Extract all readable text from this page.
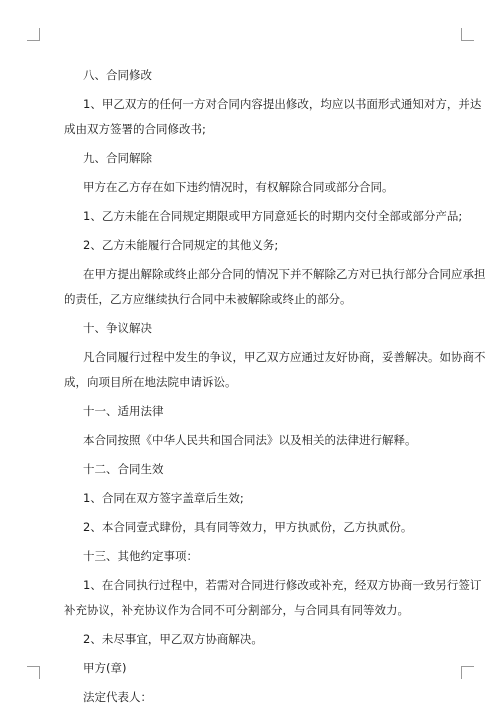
八、合同修改

1、甲乙双方的任何一方对合同内容提出修改，均应以书面形式通知对方，并达

成由双方签署的合同修改书;

九、合同解除

甲方在乙方存在如下违约情况时，有权解除合同或部分合同。

1、乙方未能在合同规定期限或甲方同意延长的时期内交付全部或部分产品;

2、乙方未能履行合同规定的其他义务;

在甲方提出解除或终止部分合同的情况下并不解除乙方对已执行部分合同应承担

的责任，乙方应继续执行合同中未被解除或终止的部分。

十、争议解决

凡合同履行过程中发生的争议，甲乙双方应通过友好协商，妥善解决。如协商不

成，向项目所在地法院申请诉讼。

十一、适用法律

本合同按照《中华人民共和国合同法》以及相关的法律进行解释。

十二、合同生效

1、合同在双方签字盖章后生效;

2、本合同壹式肆份，具有同等效力，甲方执贰份，乙方执贰份。

十三、其他约定事项：

1、在合同执行过程中，若需对合同进行修改或补充，经双方协商一致另行签订

补充协议，补充协议作为合同不可分割部分，与合同具有同等效力。

2、未尽事宜，甲乙双方协商解决。

甲方(章)

法定代表人：
